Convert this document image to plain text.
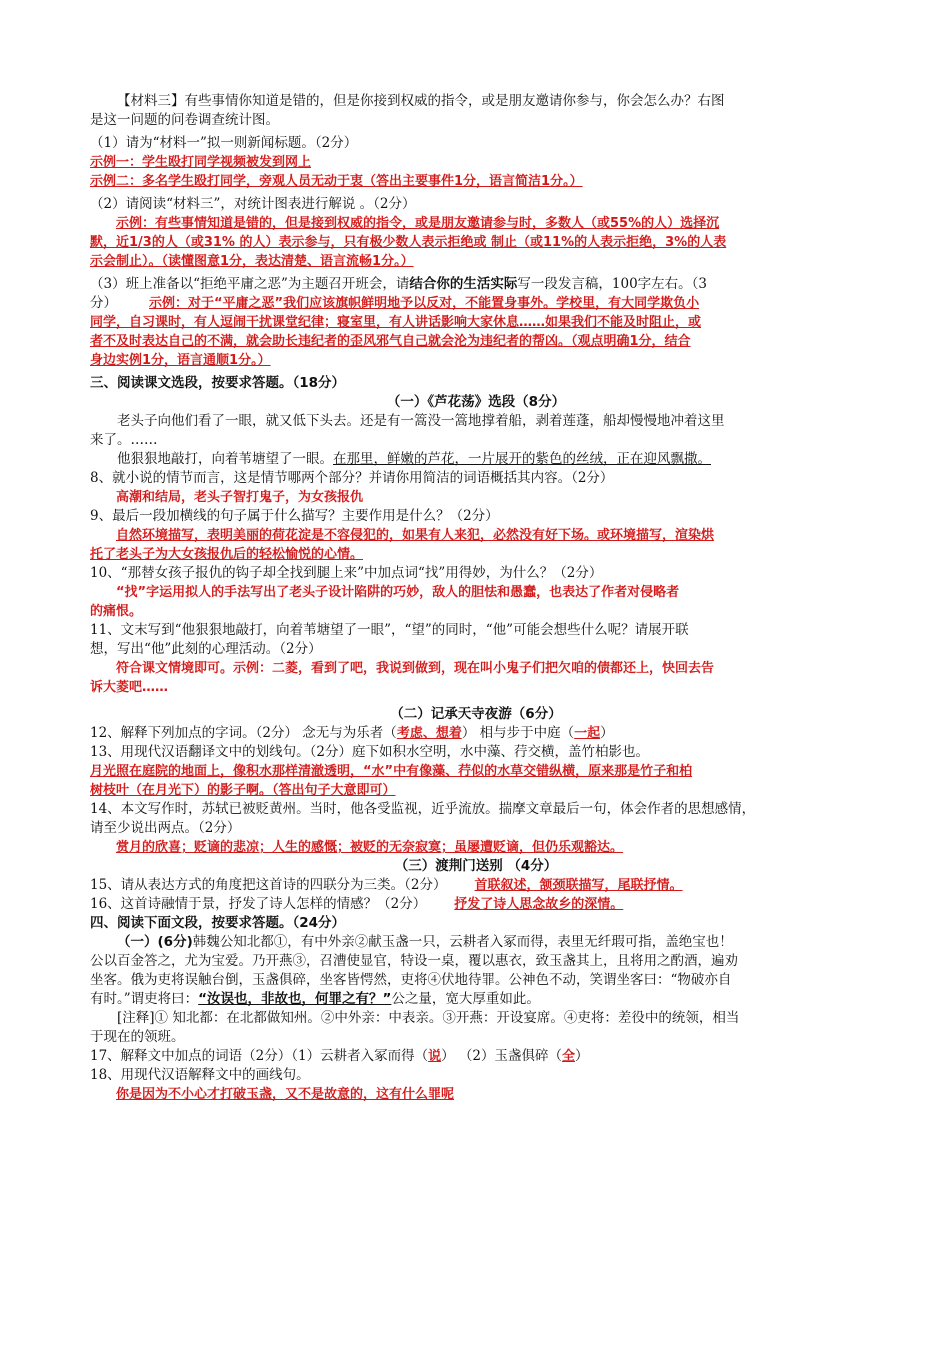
【材料三】有些事情你知道是错的，但是你接到权威的指令，或是朋友邀请你参与，你会怎么办？右图
是这一问题的问卷调查统计图。
（1）请为“材料一”拟一则新闻标题。（2分）
示例一：学生殴打同学视频被发到网上
示例二：多名学生殴打同学，旁观人员无动于衷（答出主要事件1分，语言简洁1分。）
（2）请阅读“材料三”，对统计图表进行解说 。（2分）
示例：有些事情知道是错的，但是接到权威的指令，或是朋友邀请参与时，多数人（或55%的人）选择沉
默，近1/3的人（或31% 的人）表示参与，只有极少数人表示拒绝或 制止（或11%的人表示拒绝，3%的人表
示会制止）。（读懂图意1分，表达清楚、语言流畅1分。）
（3）班上准备以“拒绝平庸之恶”为主题召开班会，请结合你的生活实际写一段发言稿，100字左右。（3
分） 示例：对于“平庸之恶”我们应该旗帜鲜明地予以反对，不能置身事外。学校里，有大同学欺负小
同学，自习课时，有人逗闹干扰课堂纪律；寝室里，有人讲话影响大家休息……如果我们不能及时阻止，或
者不及时表达自己的不满，就会助长违纪者的歪风邪气自己就会沦为违纪者的帮凶。（观点明确1分，结合
身边实例1分，语言通顺1分。）
三、阅读课文选段，按要求答题。（18分）
（一）《芦花荡》选段（8分）
老头子向他们看了一眼，就又低下头去。还是有一篙没一篙地撑着船，剥着莲蓬，船却慢慢地冲着这里
来了。……
他狠狠地敲打，向着苇塘望了一眼。在那里，鲜嫩的芦花，一片展开的紫色的丝绒，正在迎风飘撒。
8、就小说的情节而言，这是情节哪两个部分？并请你用简洁的词语概括其内容。（2分）
高潮和结局，老头子智打鬼子，为女孩报仇
9、最后一段加横线的句子属于什么描写？主要作用是什么？（2分）
自然环境描写，表明美丽的荷花淀是不容侵犯的，如果有人来犯，必然没有好下场。或环境描写，渲染烘
托了老头子为大女孩报仇后的轻松愉悦的心情。
10、“那替女孩子报仇的钩子却全找到腿上来”中加点词“找”用得妙，为什么？（2分）
“找”字运用拟人的手法写出了老头子设计陷阱的巧妙，敌人的胆怯和愚蠢，也表达了作者对侵略者
的痛恨。
11、文末写到“他狠狠地敲打，向着苇塘望了一眼”，“望”的同时，“他”可能会想些什么呢？请展开联
想，写出“他”此刻的心理活动。（2分）
符合课文情境即可。示例：二菱，看到了吧，我说到做到，现在叫小鬼子们把欠咱的债都还上，快回去告
诉大菱吧……
（二）记承天寺夜游（6分）
12、解释下列加点的字词。（2分） 念无与为乐者（考虑、想着） 相与步于中庭（一起）
13、用现代汉语翻译文中的划线句。（2分）庭下如积水空明，水中藻、荇交横，盖竹柏影也。
月光照在庭院的地面上，像积水那样清澈透明，“水”中有像藻、荇似的水草交错纵横，原来那是竹子和柏
树枝叶（在月光下）的影子啊。（答出句子大意即可）
14、本文写作时，苏轼已被贬黄州。当时，他各受监视，近乎流放。揣摩文章最后一句，体会作者的思想感情，
请至少说出两点。（2分）
赏月的欣喜；贬谪的悲凉；人生的感慨；被贬的无奈寂寞；虽屡遭贬谪，但仍乐观豁达。
（三）渡荆门送别 （4分）
15、请从表达方式的角度把这首诗的四联分为三类。（2分） 首联叙述，颔颈联描写，尾联抒情。
16、这首诗融情于景，抒发了诗人怎样的情感？（2分） 抒发了诗人思念故乡的深情。
四、阅读下面文段，按要求答题。（24分）
（一）(6分)韩魏公知北都①，有中外亲②献玉盏一只，云耕者入冢而得，表里无纤瑕可指，盖绝宝也！
公以百金答之，尤为宝爱。乃开燕③，召漕使显官，特设一桌，覆以惠衣，致玉盏其上，且将用之酌酒，遍劝
坐客。俄为吏将误触台倒，玉盏俱碎，坐客皆愕然，吏将④伏地待罪。公神色不动，笑谓坐客曰：“物破亦自
有时。”谓吏将曰：“汝误也，非故也，何罪之有？”公之量，宽大厚重如此。
[注释]① 知北都：在北都做知州。②中外亲：中表亲。③开燕：开设宴席。④吏将：差役中的统领，相当
于现在的领班。
17、解释文中加点的词语（2分）（1）云耕者入冢而得（说） （2）玉盏俱碎（全）
18、用现代汉语解释文中的画线句。
你是因为不小心才打破玉盏，又不是故意的，这有什么罪呢
